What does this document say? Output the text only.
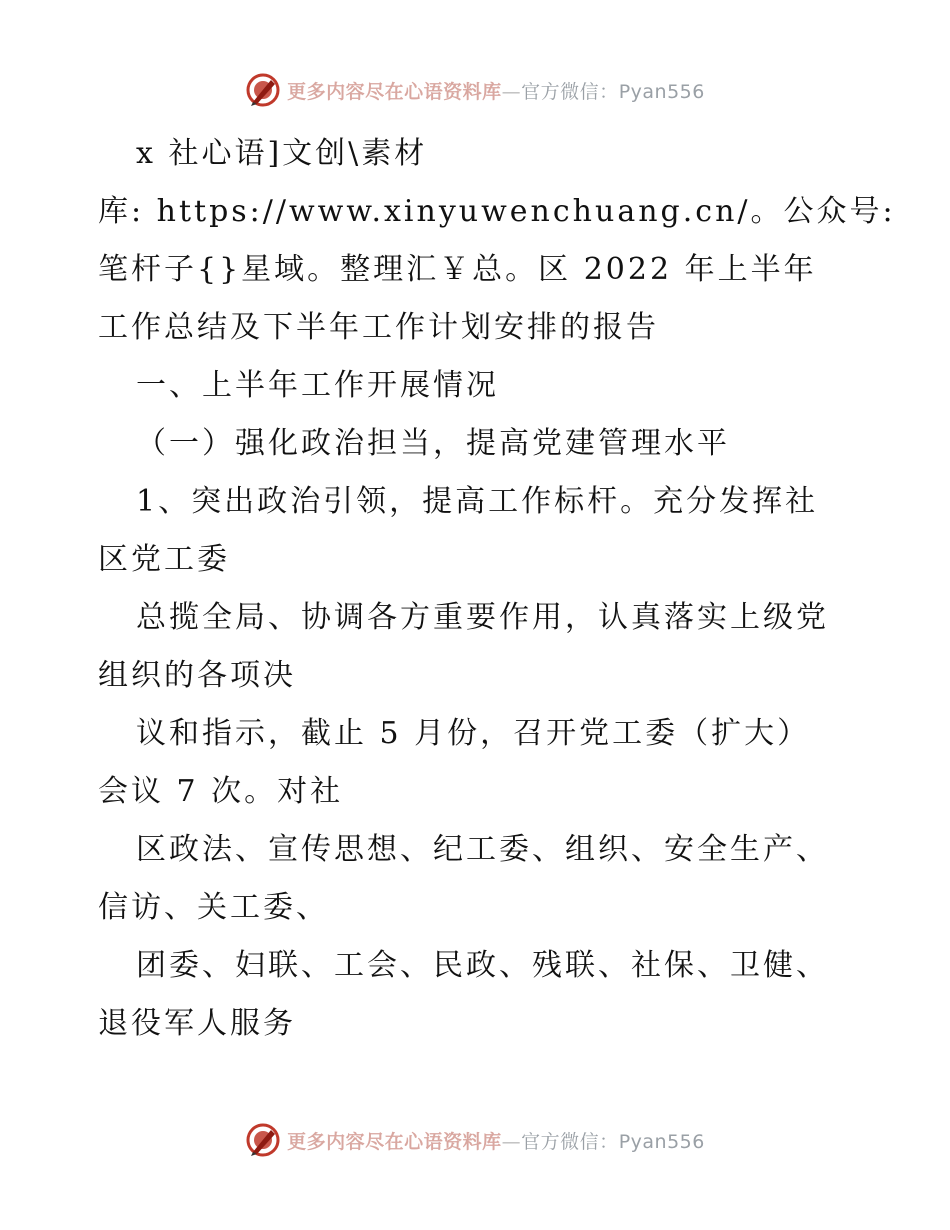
更多内容尽在心语资料库—官方微信：Pyan556
x 社心语]文创\素材
库: https://www.xinyuwenchuang.cn/。公众号:
笔杆子{}星域。整理汇￥总。区 2022 年上半年
工作总结及下半年工作计划安排的报告
一、上半年工作开展情况
（一）强化政治担当，提高党建管理水平
1、突出政治引领，提高工作标杆。充分发挥社
区党工委
总揽全局、协调各方重要作用，认真落实上级党
组织的各项决
议和指示，截止 5 月份，召开党工委（扩大）
会议 7 次。对社
区政法、宣传思想、纪工委、组织、安全生产、
信访、关工委、
团委、妇联、工会、民政、残联、社保、卫健、
退役军人服务
更多内容尽在心语资料库—官方微信：Pyan556
